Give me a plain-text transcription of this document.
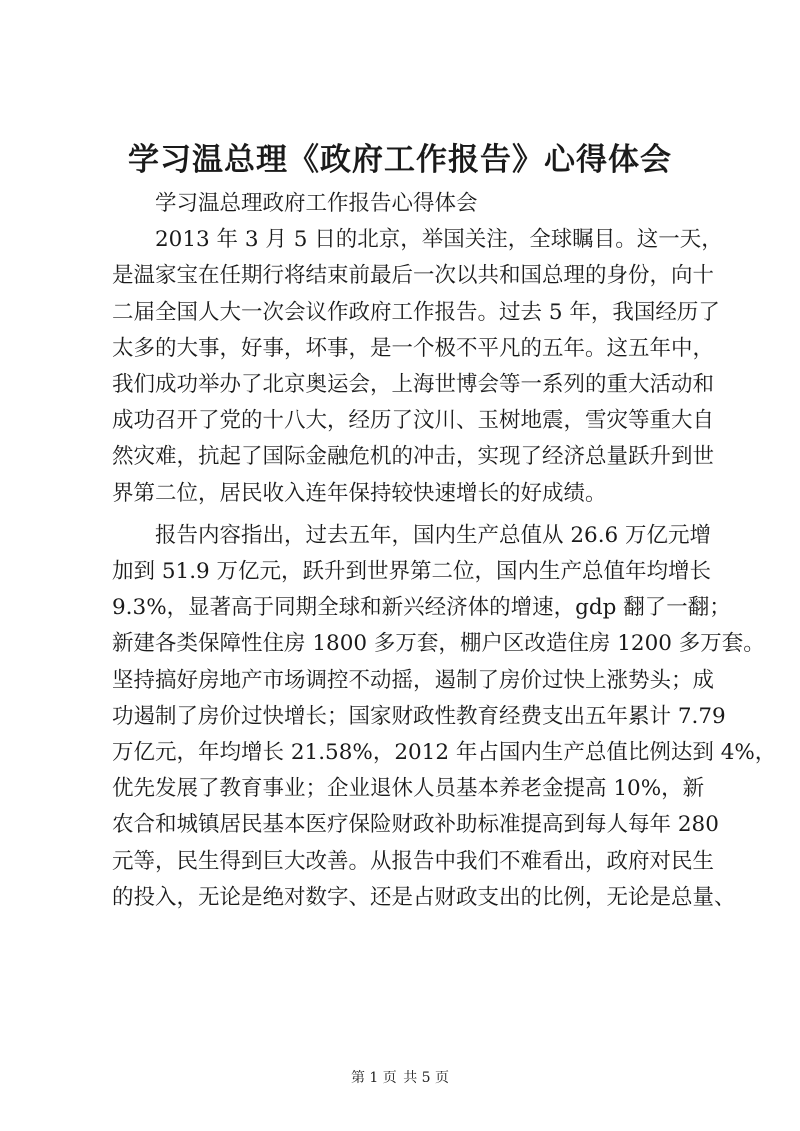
学习温总理《政府工作报告》心得体会

学习温总理政府工作报告心得体会

2013 年 3 月 5 日的北京，举国关注，全球瞩目。这一天，
是温家宝在任期行将结束前最后一次以共和国总理的身份，向十
二届全国人大一次会议作政府工作报告。过去 5 年，我国经历了
太多的大事，好事，坏事，是一个极不平凡的五年。这五年中，
我们成功举办了北京奥运会，上海世博会等一系列的重大活动和
成功召开了党的十八大，经历了汶川、玉树地震，雪灾等重大自
然灾难，抗起了国际金融危机的冲击，实现了经济总量跃升到世
界第二位，居民收入连年保持较快速增长的好成绩。

报告内容指出，过去五年，国内生产总值从 26.6 万亿元增
加到 51.9 万亿元，跃升到世界第二位，国内生产总值年均增长
9.3%，显著高于同期全球和新兴经济体的增速，gdp 翻了一翻；
新建各类保障性住房 1800 多万套，棚户区改造住房 1200 多万套。
坚持搞好房地产市场调控不动摇，遏制了房价过快上涨势头；成
功遏制了房价过快增长；国家财政性教育经费支出五年累计 7.79
万亿元，年均增长 21.58%，2012 年占国内生产总值比例达到 4%，
优先发展了教育事业；企业退休人员基本养老金提高 10%，新
农合和城镇居民基本医疗保险财政补助标准提高到每人每年 280
元等，民生得到巨大改善。从报告中我们不难看出，政府对民生
的投入，无论是绝对数字、还是占财政支出的比例，无论是总量、

第 1 页 共 5 页
